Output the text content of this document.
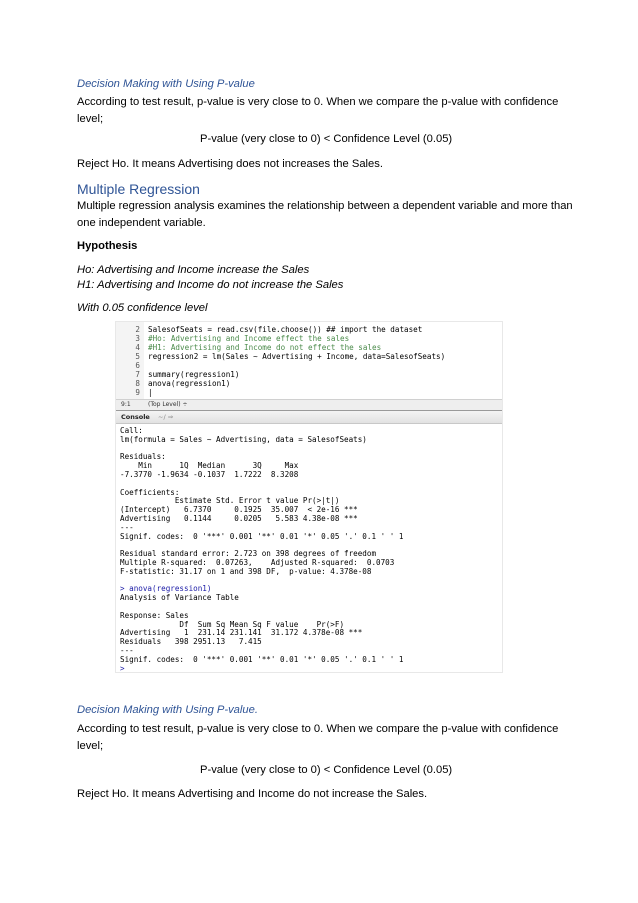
Decision Making with Using P-value
According to test result, p-value is very close to 0. When we compare the p-value with confidence
level;
P-value (very close to 0) < Confidence Level (0.05)
Reject Ho. It means Advertising does not increases the Sales.
Multiple Regression
Multiple regression analysis examines the relationship between a dependent variable and more than
one independent variable.
Hypothesis
Ho: Advertising and Income increase the Sales
H1: Advertising and Income do not increase the Sales
With 0.05 confidence level
2 SalesofSeats = read.csv(file.choose()) ## import the dataset
3 #Ho: Advertising and Income effect the sales
4 #H1: Advertising and Income do not effect the sales
5 regression2 = lm(Sales ~ Advertising + Income, data=SalesofSeats)
6
7 summary(regression1)
8 anova(regression1)
9 |
9:1	(Top Level) ÷
Console ~/ ⇒
Call:
lm(formula = Sales ~ Advertising, data = SalesofSeats)
Residuals:
Min      1Q  Median      3Q     Max
-7.3770 -1.9634 -0.1037  1.7222  8.3208
Coefficients:
Estimate Std. Error t value Pr(>|t|)
(Intercept)   6.7370     0.1925  35.007  < 2e-16 ***
Advertising   0.1144     0.0205   5.583 4.38e-08 ***
---
Signif. codes:  0 '***' 0.001 '**' 0.01 '*' 0.05 '.' 0.1 ' ' 1
Residual standard error: 2.723 on 398 degrees of freedom
Multiple R-squared:  0.07263,    Adjusted R-squared:  0.0703
F-statistic: 31.17 on 1 and 398 DF,  p-value: 4.378e-08
> anova(regression1)
Analysis of Variance Table
Response: Sales
Df  Sum Sq Mean Sq F value    Pr(>F)
Advertising   1  231.14 231.141  31.172 4.378e-08 ***
Residuals   398 2951.13   7.415
---
Signif. codes:  0 '***' 0.001 '**' 0.01 '*' 0.05 '.' 0.1 ' ' 1
>
Decision Making with Using P-value.
According to test result, p-value is very close to 0. When we compare the p-value with confidence
level;
P-value (very close to 0) < Confidence Level (0.05)
Reject Ho. It means Advertising and Income do not increase the Sales.
